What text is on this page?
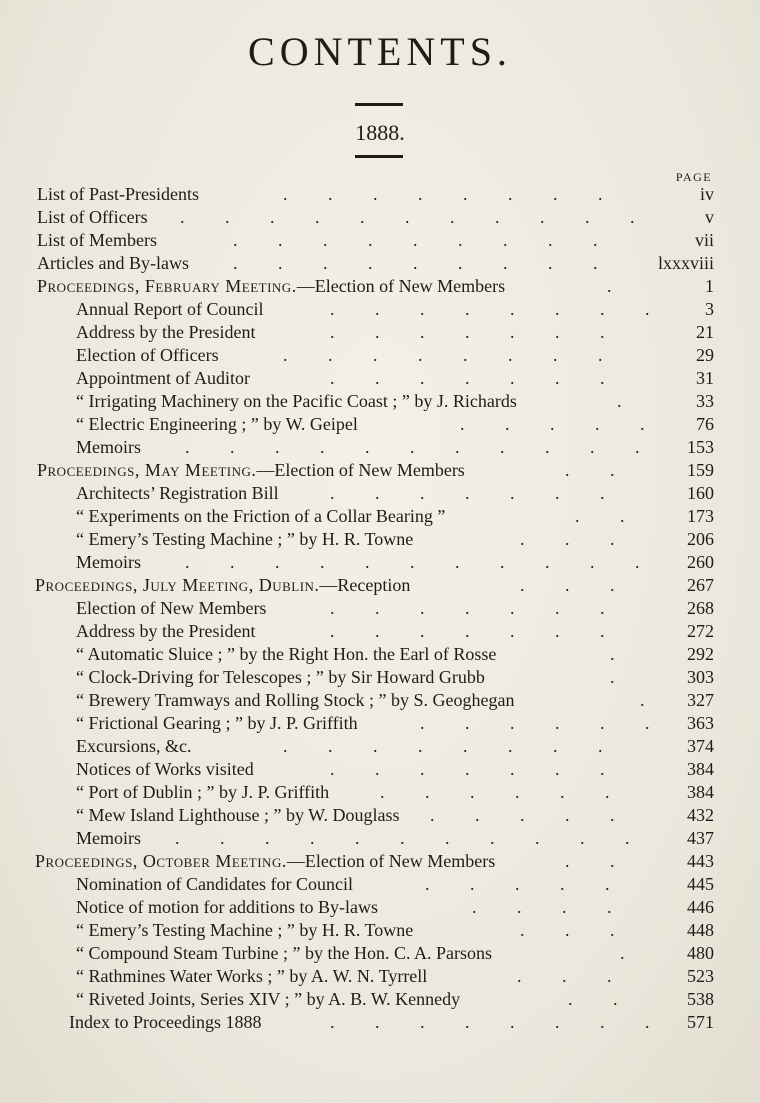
CONTENTS.
1888.
PAGE
List of Past-Presidents .	iv
List of Officers .	v
List of Members .	vii
Articles and By-laws .	lxxxviii
Proceedings, February Meeting.—Election of New Members .	1
Annual Report of Council .	3
Address by the President .	21
Election of Officers .	29
Appointment of Auditor .	31
“ Irrigating Machinery on the Pacific Coast ; ” by J. Richards .	33
“ Electric Engineering ; ” by W. Geipel .	76
Memoirs .	153
Proceedings, May Meeting.—Election of New Members .	159
Architects’ Registration Bill .	160
“ Experiments on the Friction of a Collar Bearing ” .	173
“ Emery’s Testing Machine ; ” by H. R. Towne .	206
Memoirs .	260
Proceedings, July Meeting, Dublin.—Reception .	267
Election of New Members .	268
Address by the President .	272
“ Automatic Sluice ; ” by the Right Hon. the Earl of Rosse .	292
“ Clock-Driving for Telescopes ; ” by Sir Howard Grubb .	303
“ Brewery Tramways and Rolling Stock ; ” by S. Geoghegan .	327
“ Frictional Gearing ; ” by J. P. Griffith .	363
Excursions, &c. .	374
Notices of Works visited .	384
“ Port of Dublin ; ” by J. P. Griffith .	384
“ Mew Island Lighthouse ; ” by W. Douglass .	432
Memoirs .	437
Proceedings, October Meeting.—Election of New Members .	443
Nomination of Candidates for Council .	445
Notice of motion for additions to By-laws .	446
“ Emery’s Testing Machine ; ” by H. R. Towne .	448
“ Compound Steam Turbine ; ” by the Hon. C. A. Parsons .	480
“ Rathmines Water Works ; ” by A. W. N. Tyrrell .	523
“ Riveted Joints, Series XIV ; ” by A. B. W. Kennedy .	538
Index to Proceedings 1888 .	571
